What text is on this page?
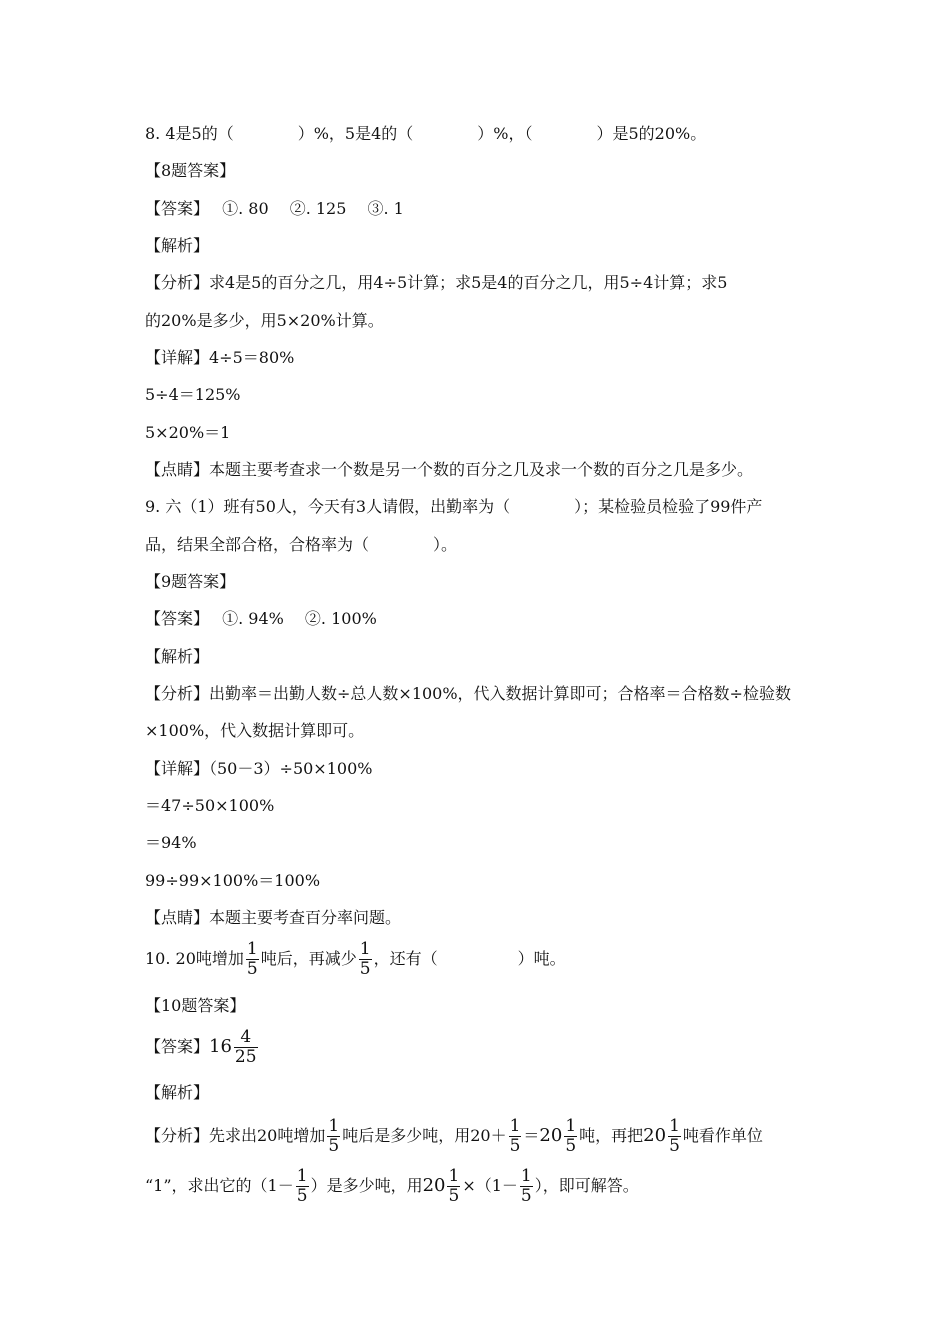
8. 4是5的（　　　　）%，5是4的（　　　　）%，（　　　　）是5的20%。
【8题答案】
【答案】　 ①. 80　 ②. 125　 ③. 1
【解析】
【分析】求4是5的百分之几，用4÷5计算；求5是4的百分之几，用5÷4计算；求5
的20%是多少，用5×20%计算。
【详解】4÷5＝80%
5÷4＝125%
5×20%＝1
【点睛】本题主要考查求一个数是另一个数的百分之几及求一个数的百分之几是多少。
9. 六（1）班有50人，今天有3人请假，出勤率为（　　　　）；某检验员检验了99件产
品，结果全部合格，合格率为（　　　　）。
【9题答案】
【答案】　 ①. 94%　 ②. 100%
【解析】
【分析】出勤率＝出勤人数÷总人数×100%，代入数据计算即可；合格率＝合格数÷检验数
×100%，代入数据计算即可。
【详解】（50－3）÷50×100%
＝47÷50×100%
＝94%
99÷99×100%＝100%
【点睛】本题主要考查百分率问题。
10. 20吨增加 $\frac{1}{5}$ 吨后，再减少 $\frac{1}{5}$ ，还有（　　　　　）吨。
【10题答案】
【答案】$16 \frac{4}{25}$
【解析】
【分析】先求出20吨增加 $\frac{1}{5}$ 吨后是多少吨，用$20+ \frac{1}{5} =20 \frac{1}{5}$ 吨，再把$20 \frac{1}{5}$ 吨看作单位
“1”，求出它的（$1- \frac{1}{5}$ ）是多少吨，用$20 \frac{1}{5} \times(1- \frac{1}{5}$ ），即可解答。
